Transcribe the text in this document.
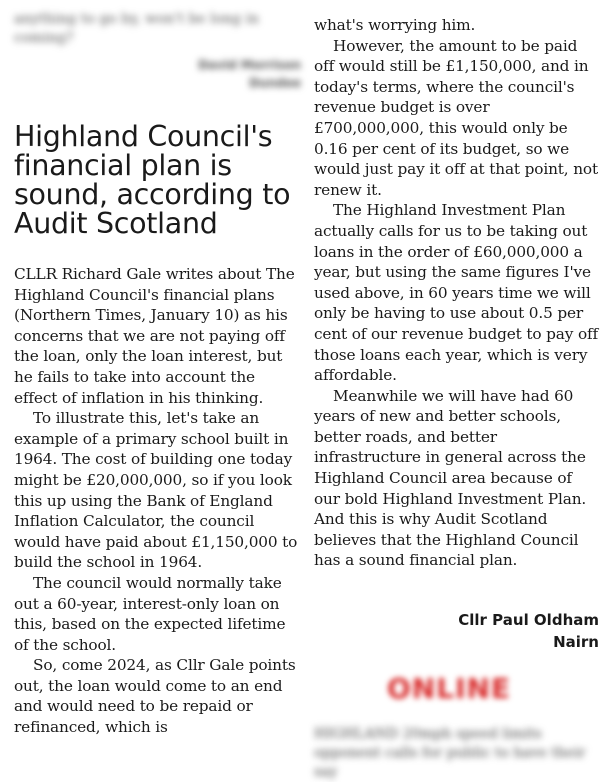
anything to go by, won't be long in coming?
David Morrison
Dundee
Highland Council's financial plan is sound, according to Audit Scotland

CLLR Richard Gale writes about The Highland Council's financial plans (Northern Times, January 10) as his concerns that we are not paying off the loan, only the loan interest, but he fails to take into account the effect of inflation in his thinking.

To illustrate this, let's take an example of a primary school built in 1964. The cost of building one today might be £20,000,000, so if you look this up using the Bank of England Inflation Calculator, the council would have paid about £1,150,000 to build the school in 1964.

The council would normally take out a 60-year, interest-only loan on this, based on the expected lifetime of the school.

So, come 2024, as Cllr Gale points out, the loan would come to an end and would need to be repaid or refinanced, which is

what's worrying him.

However, the amount to be paid off would still be £1,150,000, and in today's terms, where the council's revenue budget is over £700,000,000, this would only be 0.16 per cent of its budget, so we would just pay it off at that point, not renew it.

The Highland Investment Plan actually calls for us to be taking out loans in the order of £60,000,000 a year, but using the same figures I've used above, in 60 years time we will only be having to use about 0.5 per cent of our revenue budget to pay off those loans each year, which is very affordable.

Meanwhile we will have had 60 years of new and better schools, better roads, and better infrastructure in general across the Highland Council area because of our bold Highland Investment Plan. And this is why Audit Scotland believes that the Highland Council has a sound financial plan.

Cllr Paul Oldham
Nairn
ONLINE
HIGHLAND 20mph speed limits opponent calls for public to have their say
